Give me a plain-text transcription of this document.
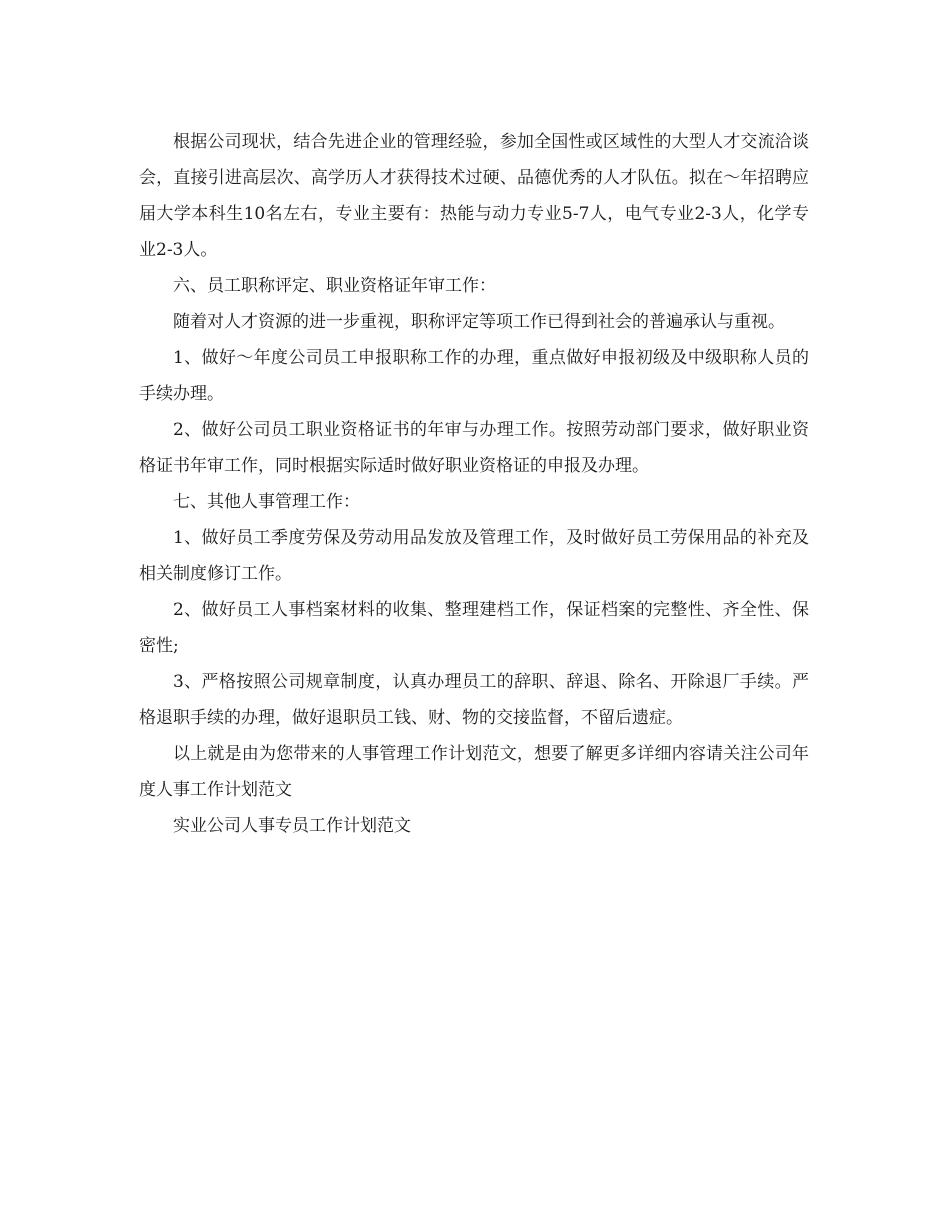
根据公司现状，结合先进企业的管理经验，参加全国性或区域性的大型人才交流洽谈会，直接引进高层次、高学历人才获得技术过硬、品德优秀的人才队伍。拟在～年招聘应届大学本科生10名左右，专业主要有：热能与动力专业5-7人，电气专业2-3人，化学专业2-3人。

六、员工职称评定、职业资格证年审工作：

随着对人才资源的进一步重视，职称评定等项工作已得到社会的普遍承认与重视。

1、做好～年度公司员工申报职称工作的办理，重点做好申报初级及中级职称人员的手续办理。

2、做好公司员工职业资格证书的年审与办理工作。按照劳动部门要求，做好职业资格证书年审工作，同时根据实际适时做好职业资格证的申报及办理。

七、其他人事管理工作：

1、做好员工季度劳保及劳动用品发放及管理工作，及时做好员工劳保用品的补充及相关制度修订工作。

2、做好员工人事档案材料的收集、整理建档工作，保证档案的完整性、齐全性、保密性;

3、严格按照公司规章制度，认真办理员工的辞职、辞退、除名、开除退厂手续。严格退职手续的办理，做好退职员工钱、财、物的交接监督，不留后遗症。

以上就是由为您带来的人事管理工作计划范文，想要了解更多详细内容请关注公司年度人事工作计划范文

实业公司人事专员工作计划范文
